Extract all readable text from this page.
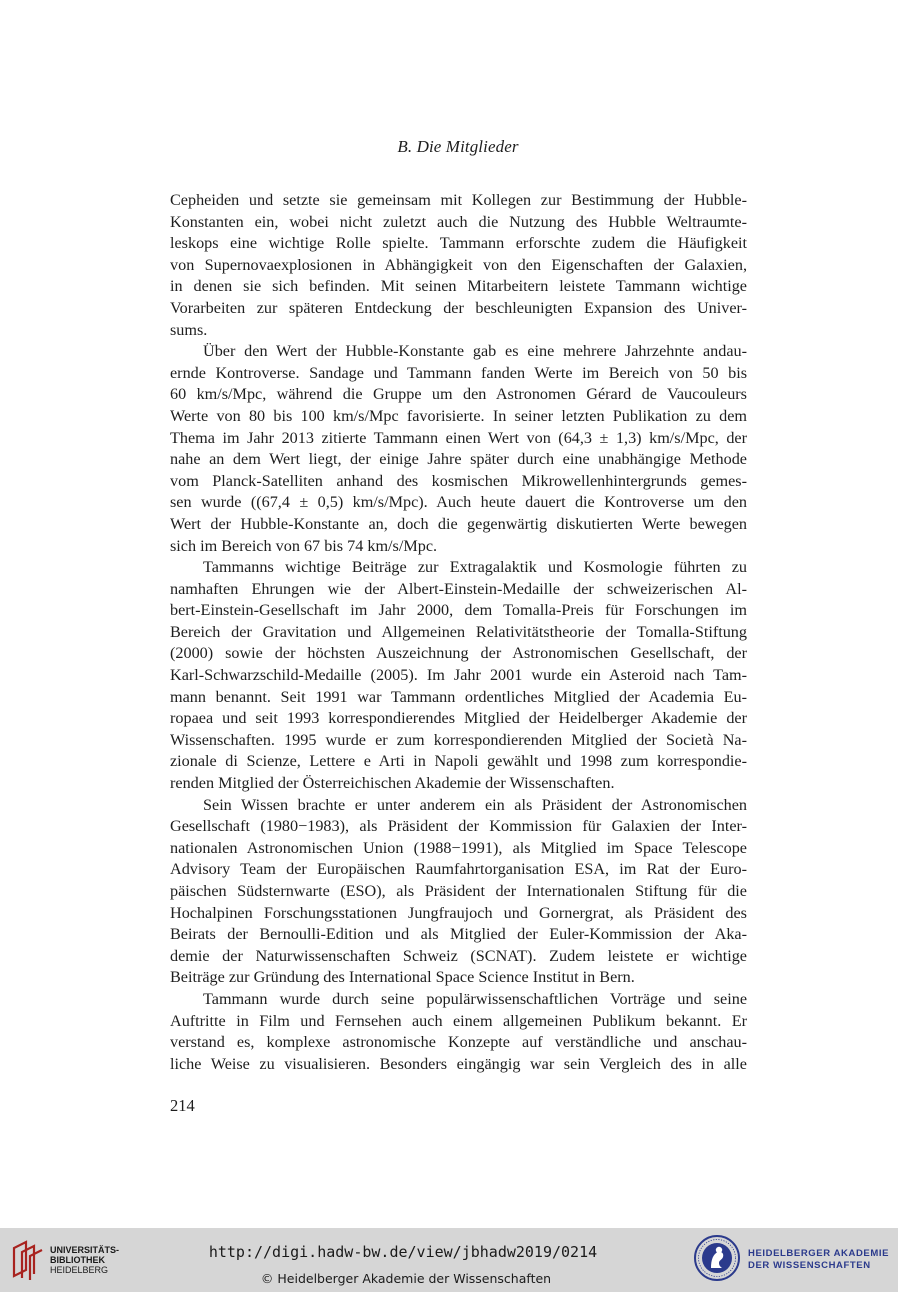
B. Die Mitglieder

Cepheiden und setzte sie gemeinsam mit Kollegen zur Bestimmung der Hubble-
Konstanten ein, wobei nicht zuletzt auch die Nutzung des Hubble Weltraumte-
leskops eine wichtige Rolle spielte. Tammann erforschte zudem die Häufigkeit
von Supernovaexplosionen in Abhängigkeit von den Eigenschaften der Galaxien,
in denen sie sich befinden. Mit seinen Mitarbeitern leistete Tammann wichtige
Vorarbeiten zur späteren Entdeckung der beschleunigten Expansion des Univer-
sums.

Über den Wert der Hubble-Konstante gab es eine mehrere Jahrzehnte andau-
ernde Kontroverse. Sandage und Tammann fanden Werte im Bereich von 50 bis
60 km/s/Mpc, während die Gruppe um den Astronomen Gérard de Vaucouleurs
Werte von 80 bis 100 km/s/Mpc favorisierte. In seiner letzten Publikation zu dem
Thema im Jahr 2013 zitierte Tammann einen Wert von (64,3 ± 1,3) km/s/Mpc, der
nahe an dem Wert liegt, der einige Jahre später durch eine unabhängige Methode
vom Planck-Satelliten anhand des kosmischen Mikrowellenhintergrunds gemes-
sen wurde ((67,4 ± 0,5) km/s/Mpc). Auch heute dauert die Kontroverse um den
Wert der Hubble-Konstante an, doch die gegenwärtig diskutierten Werte bewegen
sich im Bereich von 67 bis 74 km/s/Mpc.

Tammanns wichtige Beiträge zur Extragalaktik und Kosmologie führten zu
namhaften Ehrungen wie der Albert-Einstein-Medaille der schweizerischen Al-
bert-Einstein-Gesellschaft im Jahr 2000, dem Tomalla-Preis für Forschungen im
Bereich der Gravitation und Allgemeinen Relativitätstheorie der Tomalla-Stiftung
(2000) sowie der höchsten Auszeichnung der Astronomischen Gesellschaft, der
Karl-Schwarzschild-Medaille (2005). Im Jahr 2001 wurde ein Asteroid nach Tam-
mann benannt. Seit 1991 war Tammann ordentliches Mitglied der Academia Eu-
ropaea und seit 1993 korrespondierendes Mitglied der Heidelberger Akademie der
Wissenschaften. 1995 wurde er zum korrespondierenden Mitglied der Società Na-
zionale di Scienze, Lettere e Arti in Napoli gewählt und 1998 zum korrespondie-
renden Mitglied der Österreichischen Akademie der Wissenschaften.

Sein Wissen brachte er unter anderem ein als Präsident der Astronomischen
Gesellschaft (1980−1983), als Präsident der Kommission für Galaxien der Inter-
nationalen Astronomischen Union (1988−1991), als Mitglied im Space Telescope
Advisory Team der Europäischen Raumfahrtorganisation ESA, im Rat der Euro-
päischen Südsternwarte (ESO), als Präsident der Internationalen Stiftung für die
Hochalpinen Forschungsstationen Jungfraujoch und Gornergrat, als Präsident des
Beirats der Bernoulli-Edition und als Mitglied der Euler-Kommission der Aka-
demie der Naturwissenschaften Schweiz (SCNAT). Zudem leistete er wichtige
Beiträge zur Gründung des International Space Science Institut in Bern.

Tammann wurde durch seine populärwissenschaftlichen Vorträge und seine
Auftritte in Film und Fernsehen auch einem allgemeinen Publikum bekannt. Er
verstand es, komplexe astronomische Konzepte auf verständliche und anschau-
liche Weise zu visualisieren. Besonders eingängig war sein Vergleich des in alle

214
UNIVERSITÄTS-
BIBLIOTHEK
HEIDELBERG
http://digi.hadw-bw.de/view/jbhadw2019/0214
© Heidelberger Akademie der Wissenschaften
HEIDELBERGER AKADEMIE
DER WISSENSCHAFTEN
